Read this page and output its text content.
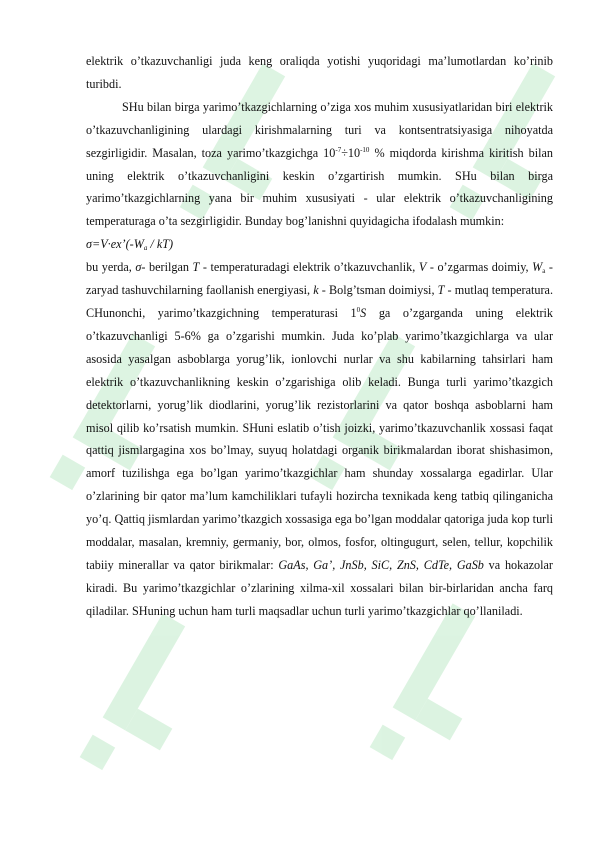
elektrik o’tkazuvchanligi juda keng oraliqda yotishi yuqoridagi ma’lumotlardan ko’rinib turibdi.

SHu bilan birga yarimo’tkazgichlarning o’ziga xos muhim xususiyatlaridan biri elektrik o’tkazuvchanligining ulardagi kirishmalarning turi va kontsentratsiyasiga nihoyatda sezgirligidir. Masalan, toza yarimo’tkazgichga $10^{-7}\div 10^{-10}$ % miqdorda kirishma kiritish bilan uning elektrik o’tkazuvchanligini keskin o’zgartirish mumkin. SHu bilan birga yarimo’tkazgichlarning yana bir muhim xususiyati - ular elektrik o’tkazuvchanligining temperaturaga o’ta sezgirligidir. Bunday bog’lanishni quyidagicha ifodalash mumkin:

$\sigma=V\cdot ex’(-W_a / kT)$

bu yerda, σ- berilgan T - temperaturadagi elektrik o’tkazuvchanlik, V - o’zgarmas doimiy, $W_a$ - zaryad tashuvchilarning faollanish energiyasi, k - Bolg’tsman doimiysi, T - mutlaq temperatura. CHunonchi, yarimo’tkazgichning temperaturasi $1^0S$ ga o’zgarganda uning elektrik o’tkazuvchanligi 5-6% ga o’zgarishi mumkin. Juda ko’plab yarimo’tkazgichlarga va ular asosida yasalgan asboblarga yorug’lik, ionlovchi nurlar va shu kabilarning tahsirlari ham elektrik o’tkazuvchanlikning keskin o’zgarishiga olib keladi. Bunga turli yarimo’tkazgich detektorlarni, yorug’lik diodlarini, yorug’lik rezistorlarini va qator boshqa asboblarni ham misol qilib ko’rsatish mumkin. SHuni eslatib o’tish joizki, yarimo’tkazuvchanlik xossasi faqat qattiq jismlargagina xos bo’lmay, suyuq holatdagi organik birikmalardan iborat shishasimon, amorf tuzilishga ega bo’lgan yarimo’tkazgichlar ham shunday xossalarga egadirlar. Ular o’zlarining bir qator ma’lum kamchiliklari tufayli hozircha texnikada keng tatbiq qilinganicha yo’q. Qattiq jismlardan yarimo’tkazgich xossasiga ega bo’lgan moddalar qatoriga juda kop turli moddalar, masalan, kremniy, germaniy, bor, olmos, fosfor, oltingugurt, selen, tellur, kopchilik tabiiy minerallar va qator birikmalar: GaAs, Ga’, JnSb, SiC, ZnS, CdTe, GaSb va hokazolar kiradi. Bu yarimo’tkazgichlar o’zlarining xilma-xil xossalari bilan bir-birlaridan ancha farq qiladilar. SHuning uchun ham turli maqsadlar uchun turli yarimo’tkazgichlar qo’llaniladi.
